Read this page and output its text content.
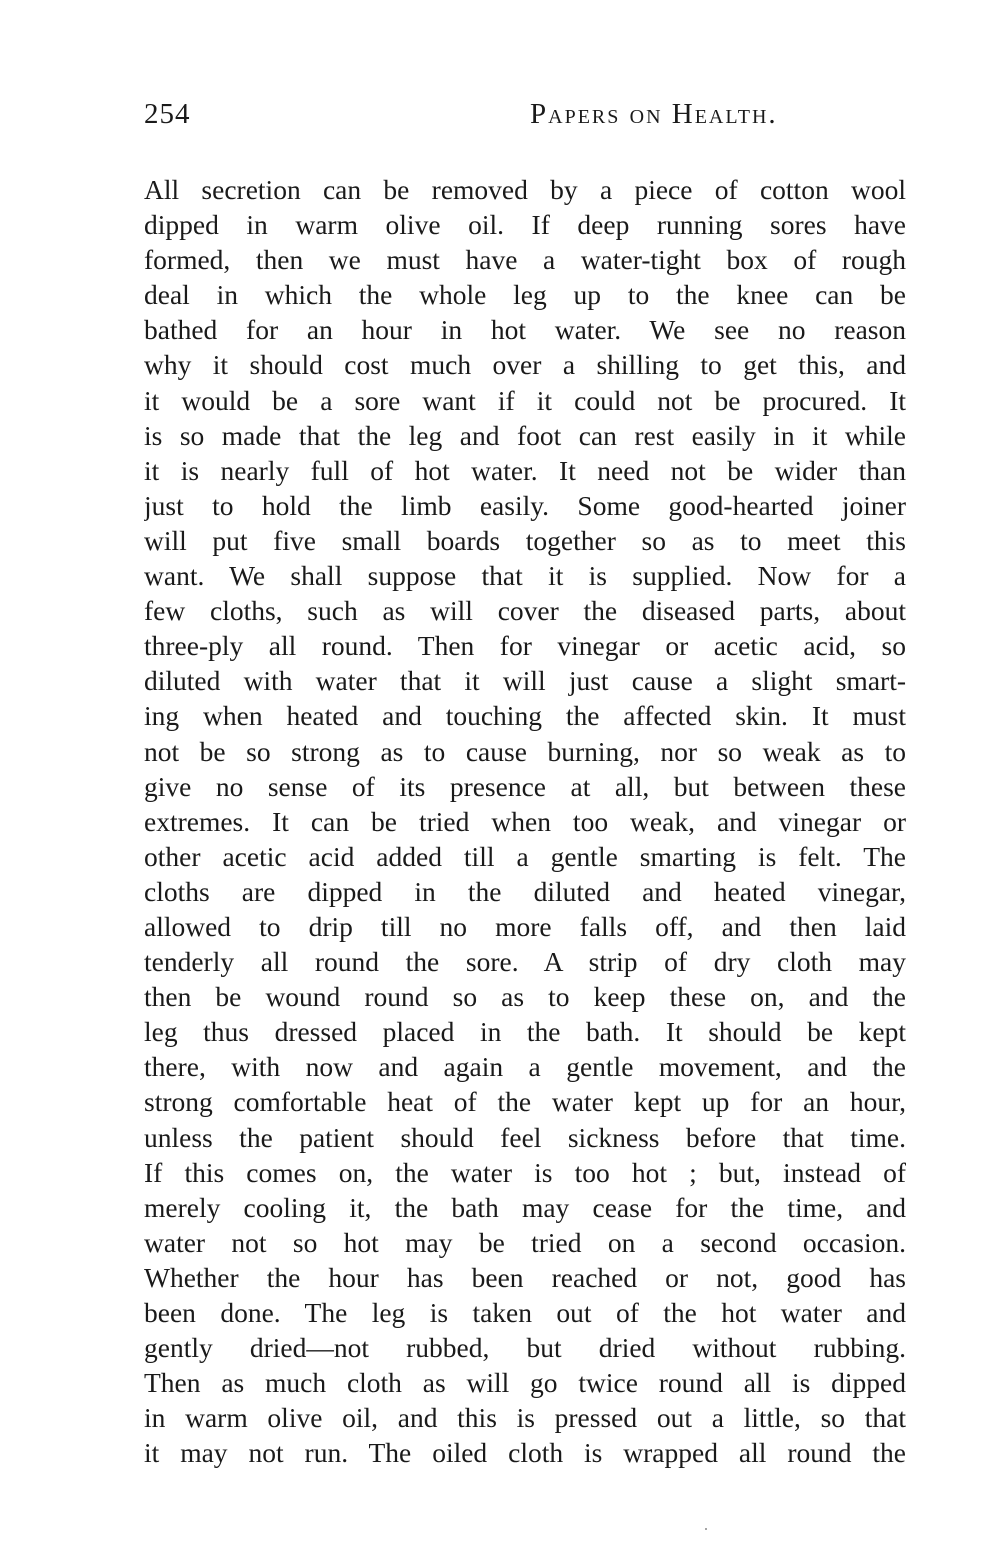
254	Papers on Health.
All secretion can be removed by a piece of cotton wool
dipped in warm olive oil. If deep running sores have
formed, then we must have a water-tight box of rough
deal in which the whole leg up to the knee can be
bathed for an hour in hot water. We see no reason
why it should cost much over a shilling to get this, and
it would be a sore want if it could not be procured. It
is so made that the leg and foot can rest easily in it while
it is nearly full of hot water. It need not be wider than
just to hold the limb easily. Some good-hearted joiner
will put five small boards together so as to meet this
want. We shall suppose that it is supplied. Now for a
few cloths, such as will cover the diseased parts, about
three-ply all round. Then for vinegar or acetic acid, so
diluted with water that it will just cause a slight smart-
ing when heated and touching the affected skin. It must
not be so strong as to cause burning, nor so weak as to
give no sense of its presence at all, but between these
extremes. It can be tried when too weak, and vinegar or
other acetic acid added till a gentle smarting is felt. The
cloths are dipped in the diluted and heated vinegar,
allowed to drip till no more falls off, and then laid
tenderly all round the sore. A strip of dry cloth may
then be wound round so as to keep these on, and the
leg thus dressed placed in the bath. It should be kept
there, with now and again a gentle movement, and the
strong comfortable heat of the water kept up for an hour,
unless the patient should feel sickness before that time.
If this comes on, the water is too hot ; but, instead of
merely cooling it, the bath may cease for the time, and
water not so hot may be tried on a second occasion.
Whether the hour has been reached or not, good has
been done. The leg is taken out of the hot water and
gently dried—not rubbed, but dried without rubbing.
Then as much cloth as will go twice round all is dipped
in warm olive oil, and this is pressed out a little, so that
it may not run. The oiled cloth is wrapped all round the
